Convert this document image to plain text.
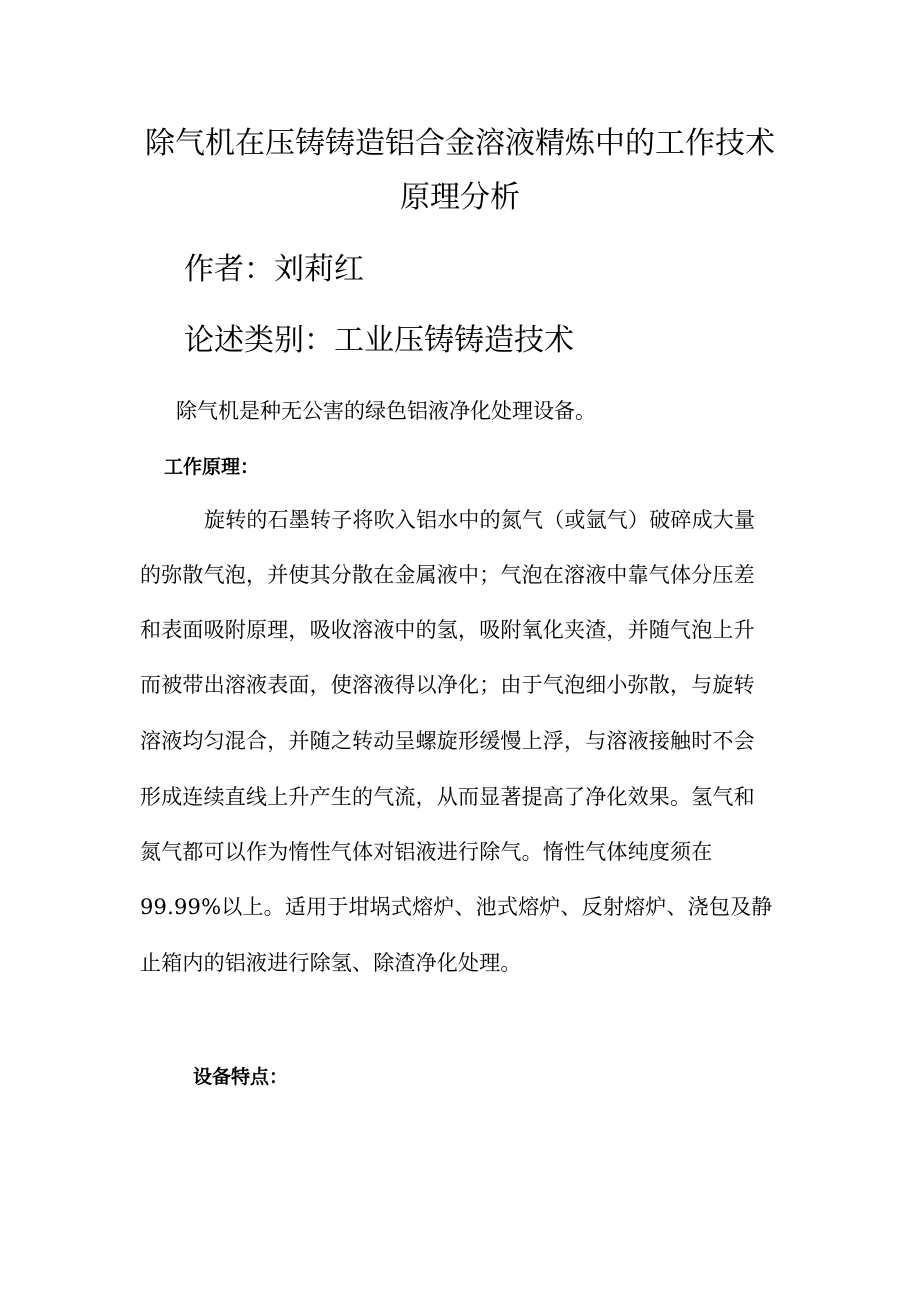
除气机在压铸铸造铝合金溶液精炼中的工作技术
原理分析
作者：刘莉红
论述类别：工业压铸铸造技术
除气机是种无公害的绿色铝液净化处理设备。
工作原理：
旋转的石墨转子将吹入铝水中的氮气（或氩气）破碎成大量
的弥散气泡，并使其分散在金属液中；气泡在溶液中靠气体分压差
和表面吸附原理，吸收溶液中的氢，吸附氧化夹渣，并随气泡上升
而被带出溶液表面，使溶液得以净化；由于气泡细小弥散，与旋转
溶液均匀混合，并随之转动呈螺旋形缓慢上浮，与溶液接触时不会
形成连续直线上升产生的气流，从而显著提高了净化效果。氢气和
氮气都可以作为惰性气体对铝液进行除气。惰性气体纯度须在
99.99%以上。适用于坩埚式熔炉、池式熔炉、反射熔炉、浇包及静
止箱内的铝液进行除氢、除渣净化处理。
设备特点：
